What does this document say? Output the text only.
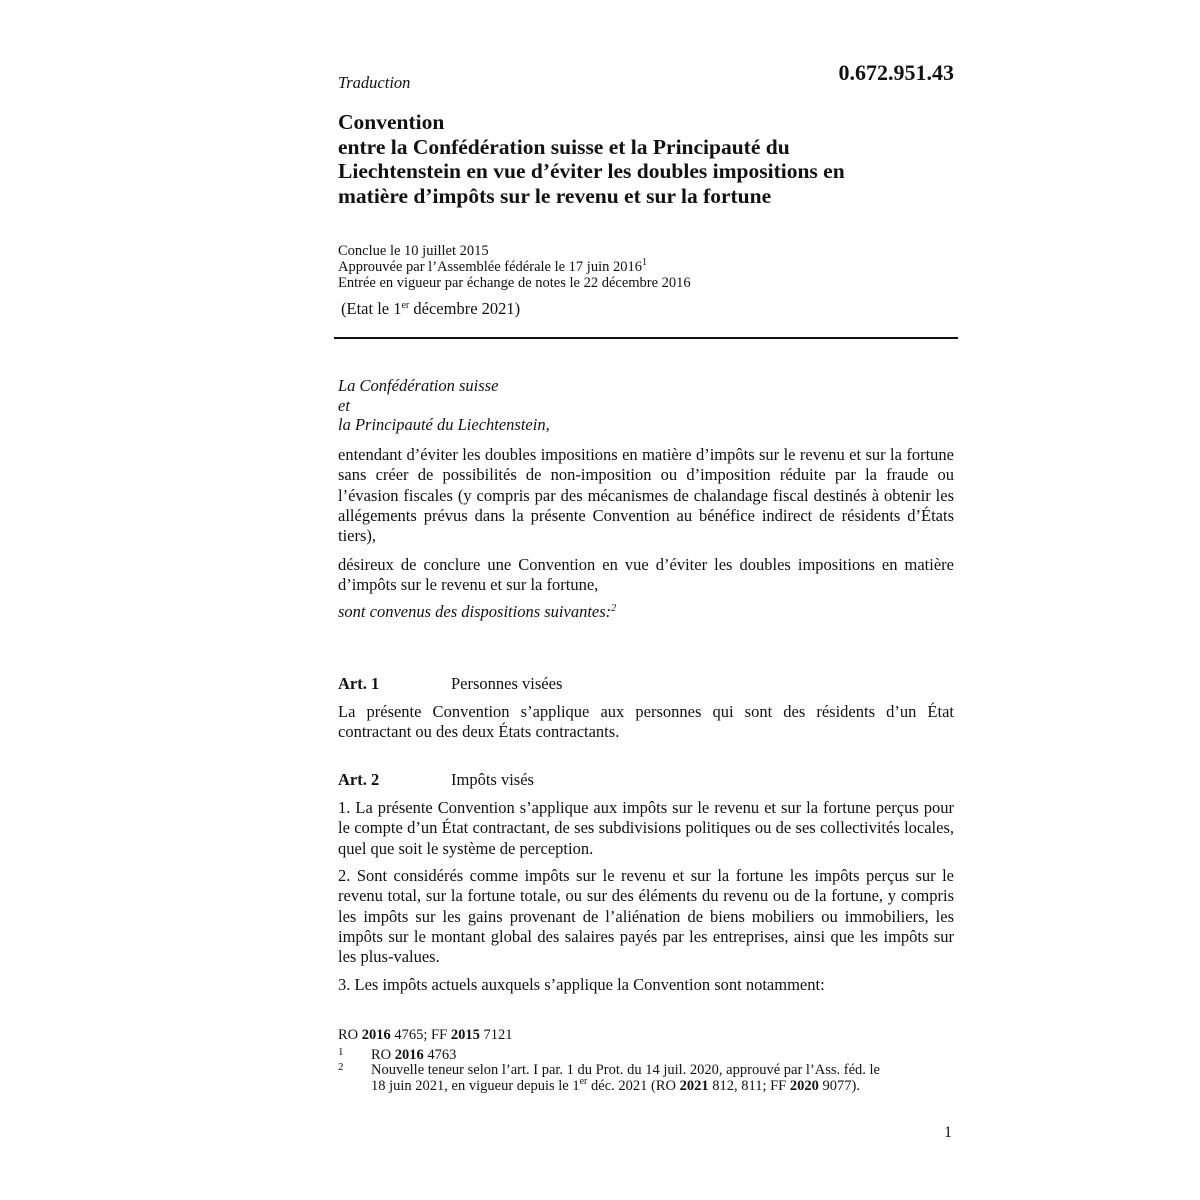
Traduction	0.672.951.43
Convention
entre la Confédération suisse et la Principauté du
Liechtenstein en vue d’éviter les doubles impositions en
matière d’impôts sur le revenu et sur la fortune
Conclue le 10 juillet 2015
Approuvée par l’Assemblée fédérale le 17 juin 2016$^1$
Entrée en vigueur par échange de notes le 22 décembre 2016
(Etat le 1er décembre 2021)
La Confédération suisse
et
la Principauté du Liechtenstein,
entendant d’éviter les doubles impositions en matière d’impôts sur le revenu et sur la fortune sans créer de possibilités de non-imposition ou d’imposition réduite par la fraude ou l’évasion fiscales (y compris par des mécanismes de chalandage fiscal destinés à obtenir les allégements prévus dans la présente Convention au bénéfice indirect de résidents d’États tiers),
désireux de conclure une Convention en vue d’éviter les doubles impositions en matière d’impôts sur le revenu et sur la fortune,
sont convenus des dispositions suivantes:$^2$
Art. 1	Personnes visées
La présente Convention s’applique aux personnes qui sont des résidents d’un État contractant ou des deux États contractants.
Art. 2	Impôts visés
1. La présente Convention s’applique aux impôts sur le revenu et sur la fortune perçus pour le compte d’un État contractant, de ses subdivisions politiques ou de ses collectivités locales, quel que soit le système de perception.
2. Sont considérés comme impôts sur le revenu et sur la fortune les impôts perçus sur le revenu total, sur la fortune totale, ou sur des éléments du revenu ou de la fortune, y compris les impôts sur les gains provenant de l’aliénation de biens mobiliers ou immobiliers, les impôts sur le montant global des salaires payés par les entreprises, ainsi que les impôts sur les plus-values.
3. Les impôts actuels auxquels s’applique la Convention sont notamment:
RO 2016 4765; FF 2015 7121
1 RO 2016 4763
2 Nouvelle teneur selon l’art. I par. 1 du Prot. du 14 juil. 2020, approuvé par l’Ass. féd. le
18 juin 2021, en vigueur depuis le 1er déc. 2021 (RO 2021 812, 811; FF 2020 9077).
1
